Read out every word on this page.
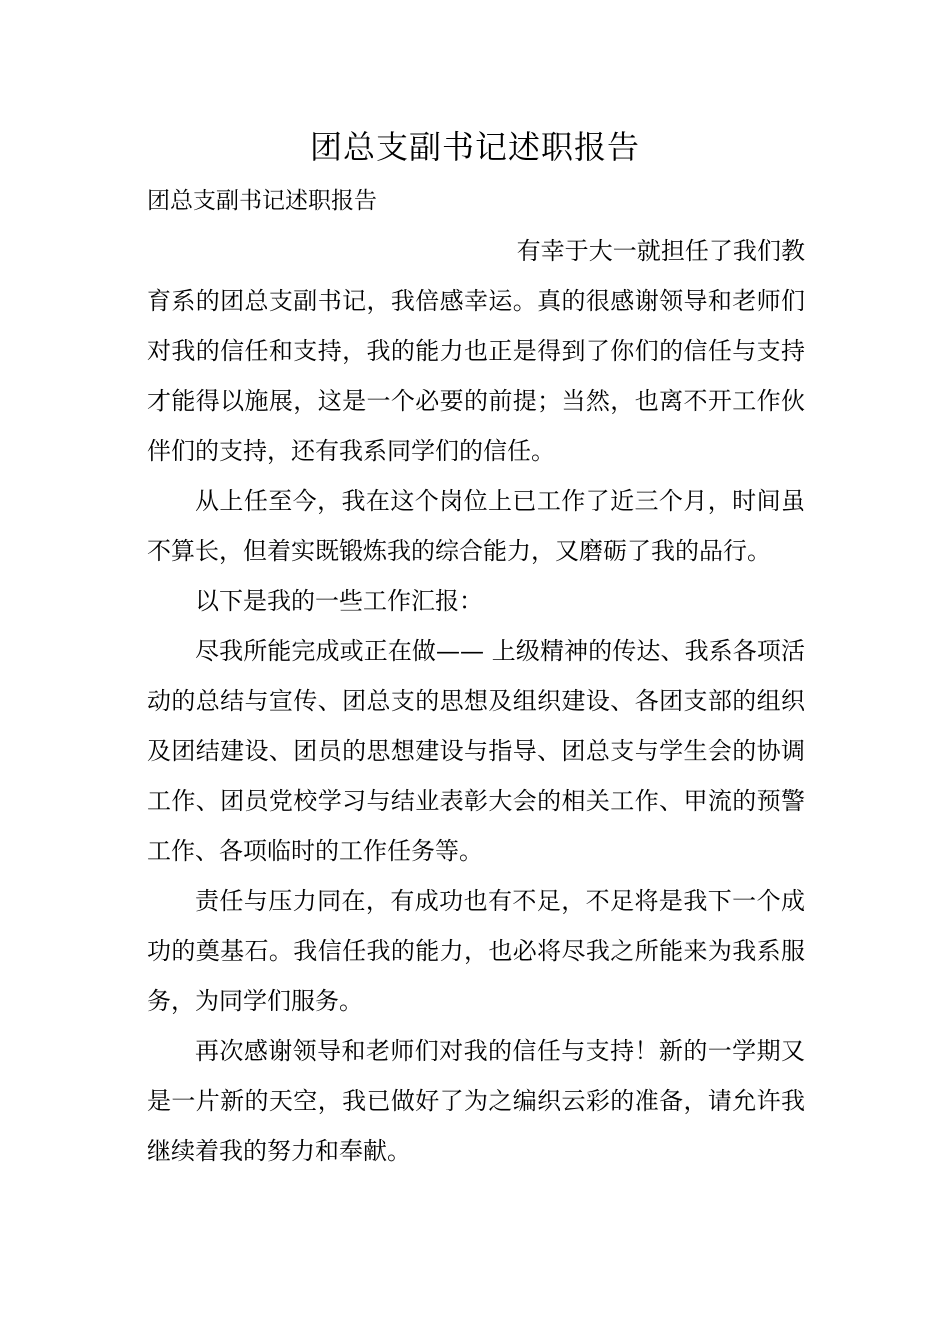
团总支副书记述职报告

团总支副书记述职报告

有幸于大一就担任了我们教育系的团总支副书记，我倍感幸运。真的很感谢领导和老师们对我的信任和支持，我的能力也正是得到了你们的信任与支持才能得以施展，这是一个必要的前提；当然，也离不开工作伙伴们的支持，还有我系同学们的信任。

从上任至今，我在这个岗位上已工作了近三个月，时间虽不算长，但着实既锻炼我的综合能力，又磨砺了我的品行。

以下是我的一些工作汇报：

尽我所能完成或正在做—— 上级精神的传达、我系各项活动的总结与宣传、团总支的思想及组织建设、各团支部的组织及团结建设、团员的思想建设与指导、团总支与学生会的协调工作、团员党校学习与结业表彰大会的相关工作、甲流的预警工作、各项临时的工作任务等。

责任与压力同在，有成功也有不足，不足将是我下一个成功的奠基石。我信任我的能力，也必将尽我之所能来为我系服务，为同学们服务。

再次感谢领导和老师们对我的信任与支持！新的一学期又是一片新的天空，我已做好了为之编织云彩的准备，请允许我继续着我的努力和奉献。
